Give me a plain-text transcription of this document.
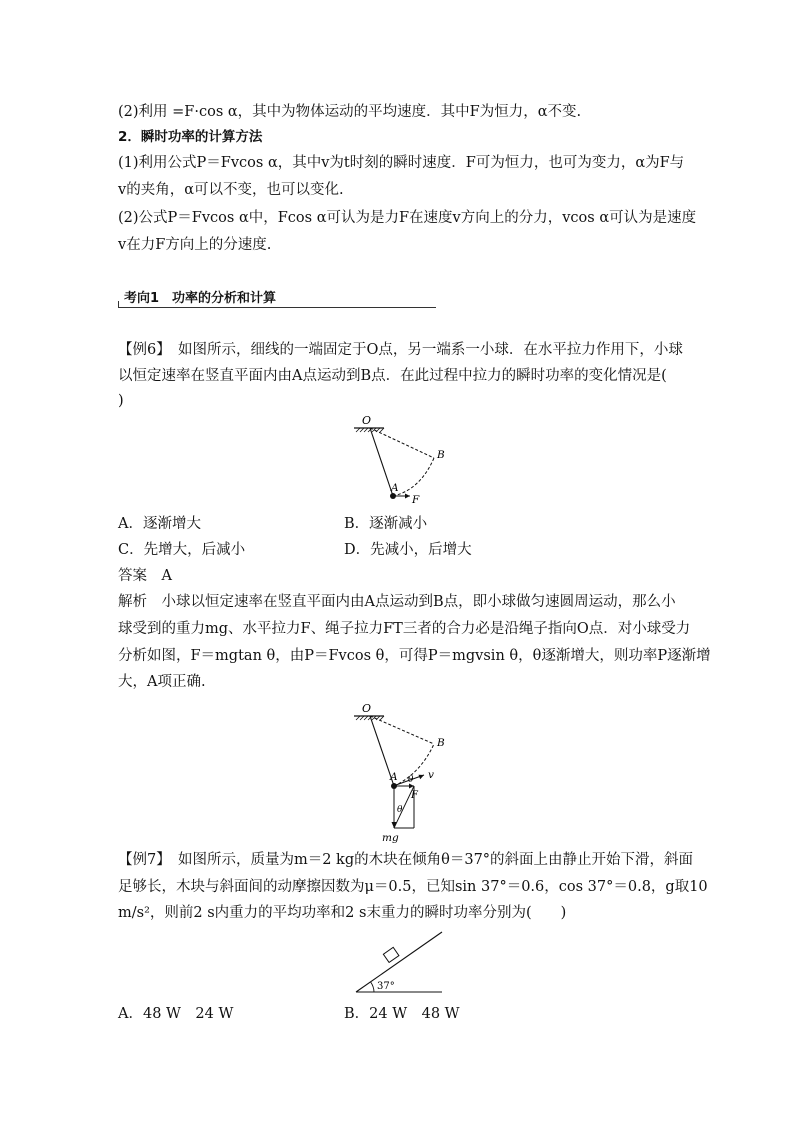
(2)利用 =F·cos α，其中为物体运动的平均速度．其中F为恒力，α不变.
2．瞬时功率的计算方法
(1)利用公式P＝Fvcos α，其中v为t时刻的瞬时速度．F可为恒力，也可为变力，α为F与
v的夹角，α可以不变，也可以变化.
(2)公式P＝Fvcos α中，Fcos α可认为是力F在速度v方向上的分力，vcos α可认为是速度
v在力F方向上的分速度.
考向1　功率的分析和计算
【例6】　如图所示，细线的一端固定于O点，另一端系一小球．在水平拉力作用下，小球
以恒定速率在竖直平面内由A点运动到B点．在此过程中拉力的瞬时功率的变化情况是(
)
O
A
B
F
A．逐渐增大	B．逐渐减小
C．先增大，后减小	D．先减小，后增大
答案　A
解析　小球以恒定速率在竖直平面内由A点运动到B点，即小球做匀速圆周运动，那么小
球受到的重力mg、水平拉力F、绳子拉力FT三者的合力必是沿绳子指向O点．对小球受力
分析如图，F＝mgtan θ，由P＝Fvcos θ，可得P＝mgvsin θ，θ逐渐增大，则功率P逐渐增
大，A项正确.
O
A
B
v
θ
F
θ
mg
【例7】　如图所示，质量为m＝2 kg的木块在倾角θ＝37°的斜面上由静止开始下滑，斜面
足够长，木块与斜面间的动摩擦因数为μ＝0.5，已知sin 37°＝0.6，cos 37°＝0.8，g取10
m/s²，则前2 s内重力的平均功率和2 s末重力的瞬时功率分别为(　　)
37°
A．48 W　24 W	B．24 W　48 W
